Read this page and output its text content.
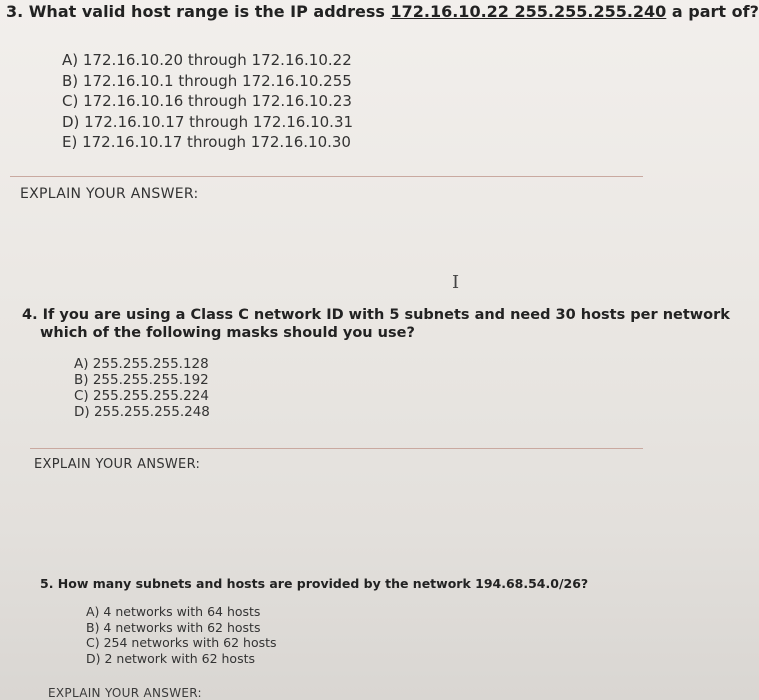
3. What valid host range is the IP address 172.16.10.22 255.255.255.240 a part of?
A) 172.16.10.20 through 172.16.10.22
B) 172.16.10.1 through 172.16.10.255
C) 172.16.10.16 through 172.16.10.23
D) 172.16.10.17 through 172.16.10.31
E) 172.16.10.17 through 172.16.10.30
EXPLAIN YOUR ANSWER:
I
4. If you are using a Class C network ID with 5 subnets and need 30 hosts per network
which of the following masks should you use?
A) 255.255.255.128
B) 255.255.255.192
C) 255.255.255.224
D) 255.255.255.248
EXPLAIN YOUR ANSWER:
5. How many subnets and hosts are provided by the network 194.68.54.0/26?
A) 4 networks with 64 hosts
B) 4 networks with 62 hosts
C) 254 networks with 62 hosts
D) 2 network with 62 hosts
EXPLAIN YOUR ANSWER:
